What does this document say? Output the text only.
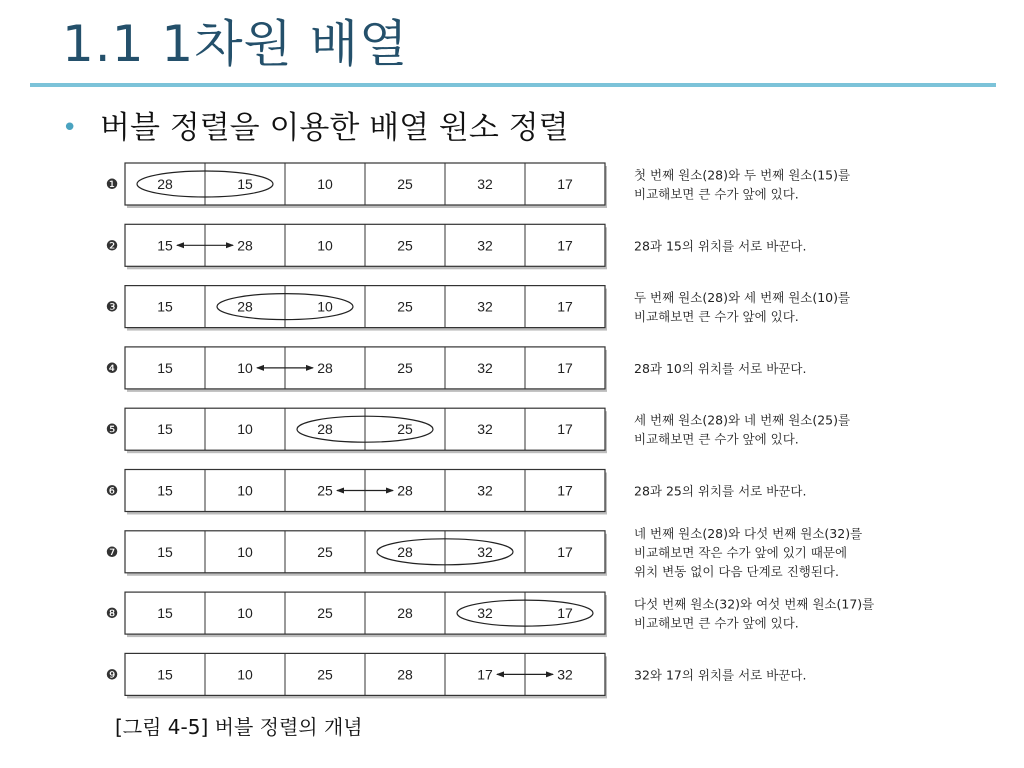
1.1 1차원 배열
• 버블 정렬을 이용한 배열 원소 정렬
❶	28	15	10	25	32	17
첫 번째 원소(28)와 두 번째 원소(15)를
비교해보면 큰 수가 앞에 있다.
❷	15	28	10	25	32	17	28과 15의 위치를 서로 바꾼다.
❸	15	28	10	25	32	17
두 번째 원소(28)와 세 번째 원소(10)를
비교해보면 큰 수가 앞에 있다.
❹	15	10	28	25	32	17	28과 10의 위치를 서로 바꾼다.
❺	15	10	28	25	32	17
세 번째 원소(28)와 네 번째 원소(25)를
비교해보면 큰 수가 앞에 있다.
❻	15	10	25	28	32	17	28과 25의 위치를 서로 바꾼다.
❼	15	10	25	28	32	17
네 번째 원소(28)와 다섯 번째 원소(32)를
비교해보면 작은 수가 앞에 있기 때문에
위치 변동 없이 다음 단계로 진행된다.
❽	15	10	25	28	32	17
다섯 번째 원소(32)와 여섯 번째 원소(17)를
비교해보면 큰 수가 앞에 있다.
❾	15	10	25	28	17	32	32와 17의 위치를 서로 바꾼다.
[그림 4-5] 버블 정렬의 개념
